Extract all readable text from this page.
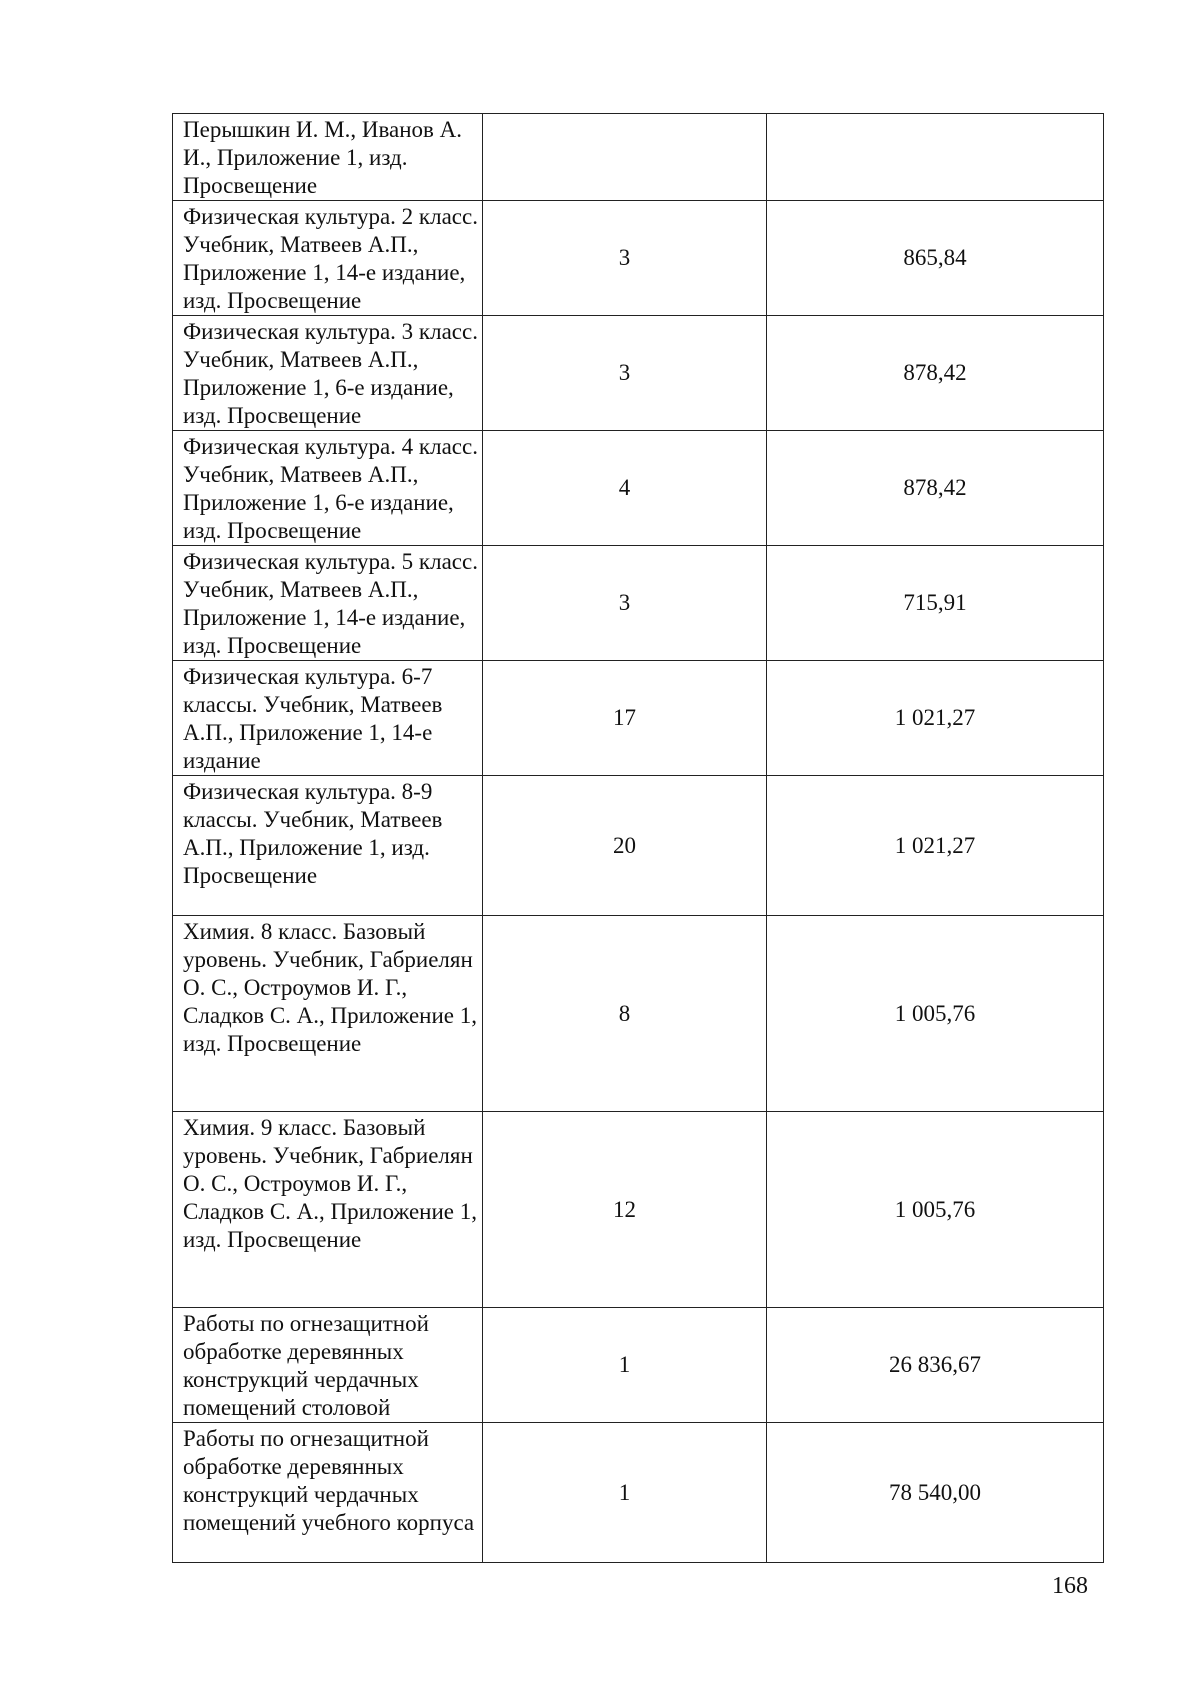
Перышкин И. М., Иванов А. И., Приложение 1, изд. Просвещение		
Физическая культура. 2 класс. Учебник, Матвеев А.П., Приложение 1, 14-е издание, изд. Просвещение	3	865,84
Физическая культура. 3 класс. Учебник, Матвеев А.П., Приложение 1, 6-е издание, изд. Просвещение	3	878,42
Физическая культура. 4 класс. Учебник, Матвеев А.П., Приложение 1, 6-е издание, изд. Просвещение	4	878,42
Физическая культура. 5 класс. Учебник, Матвеев А.П., Приложение 1, 14-е издание, изд. Просвещение	3	715,91
Физическая культура. 6-7 классы. Учебник, Матвеев А.П., Приложение 1, 14-е издание	17	1 021,27
Физическая культура. 8-9 классы. Учебник, Матвеев А.П., Приложение 1, изд. Просвещение	20	1 021,27
Химия. 8 класс. Базовый уровень. Учебник, Габриелян О. С., Остроумов И. Г., Сладков С. А., Приложение 1, изд. Просвещение	8	1 005,76
Химия. 9 класс. Базовый уровень. Учебник, Габриелян О. С., Остроумов И. Г., Сладков С. А., Приложение 1, изд. Просвещение	12	1 005,76
Работы по огнезащитной обработке деревянных конструкций чердачных помещений столовой	1	26 836,67
Работы по огнезащитной обработке деревянных конструкций чердачных помещений учебного корпуса	1	78 540,00
168
